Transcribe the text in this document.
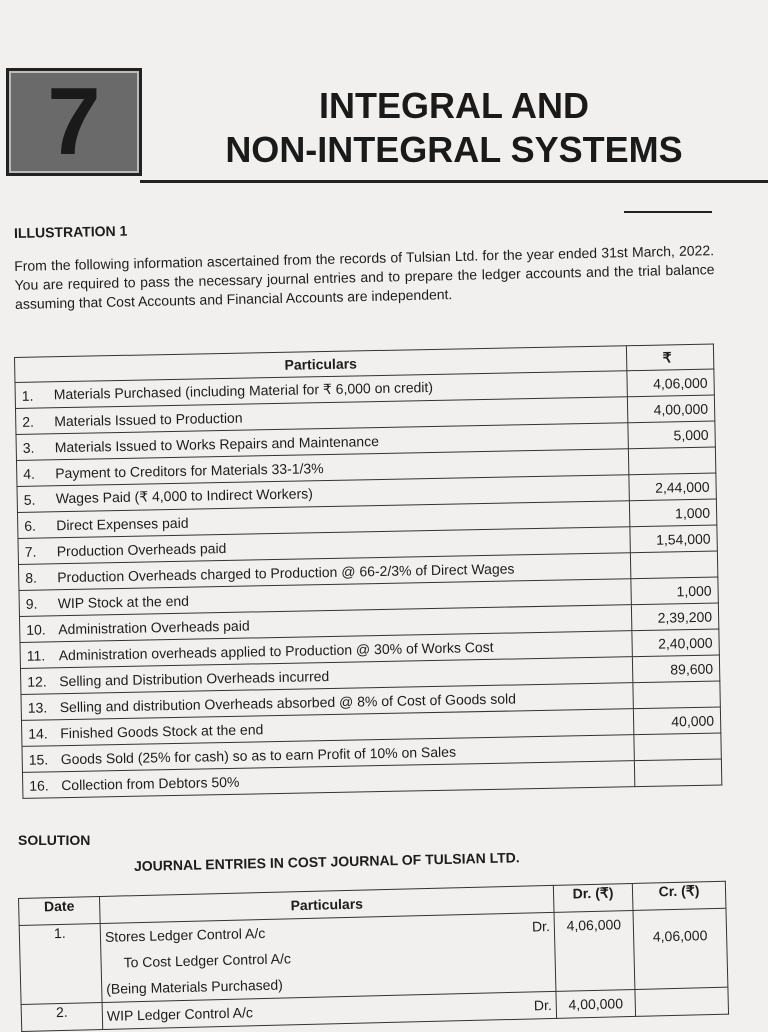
7	INTEGRAL AND
NON-INTEGRAL SYSTEMS
ILLUSTRATION 1
From the following information ascertained from the records of Tulsian Ltd. for the year ended 31st March, 2022. You are required to pass the necessary journal entries and to prepare the ledger accounts and the trial balance assuming that Cost Accounts and Financial Accounts are independent.
Particulars		₹
1.	Materials Purchased (including Material for ₹ 6,000 on credit)	4,06,000
2.	Materials Issued to Production	4,00,000
3.	Materials Issued to Works Repairs and Maintenance	5,000
4.	Payment to Creditors for Materials 33-1/3%	
5.	Wages Paid (₹ 4,000 to Indirect Workers)	2,44,000
6.	Direct Expenses paid	1,000
7.	Production Overheads paid	1,54,000
8.	Production Overheads charged to Production @ 66-2/3% of Direct Wages	
9.	WIP Stock at the end	1,000
10.	Administration Overheads paid	2,39,200
11.	Administration overheads applied to Production @ 30% of Works Cost	2,40,000
12.	Selling and Distribution Overheads incurred	89,600
13.	Selling and distribution Overheads absorbed @ 8% of Cost of Goods sold	
14.	Finished Goods Stock at the end	40,000
15.	Goods Sold (25% for cash) so as to earn Profit of 10% on Sales	
16.	Collection from Debtors 50%	
SOLUTION
JOURNAL ENTRIES IN COST JOURNAL OF TULSIAN LTD.
Date	Particulars	Dr. (₹)	Cr. (₹)
1.	Stores Ledger Control A/c Dr.
To Cost Ledger Control A/c
(Being Materials Purchased)	4,06,000	4,06,000

2.	WIP Ledger Control A/c Dr.	4,00,000	
